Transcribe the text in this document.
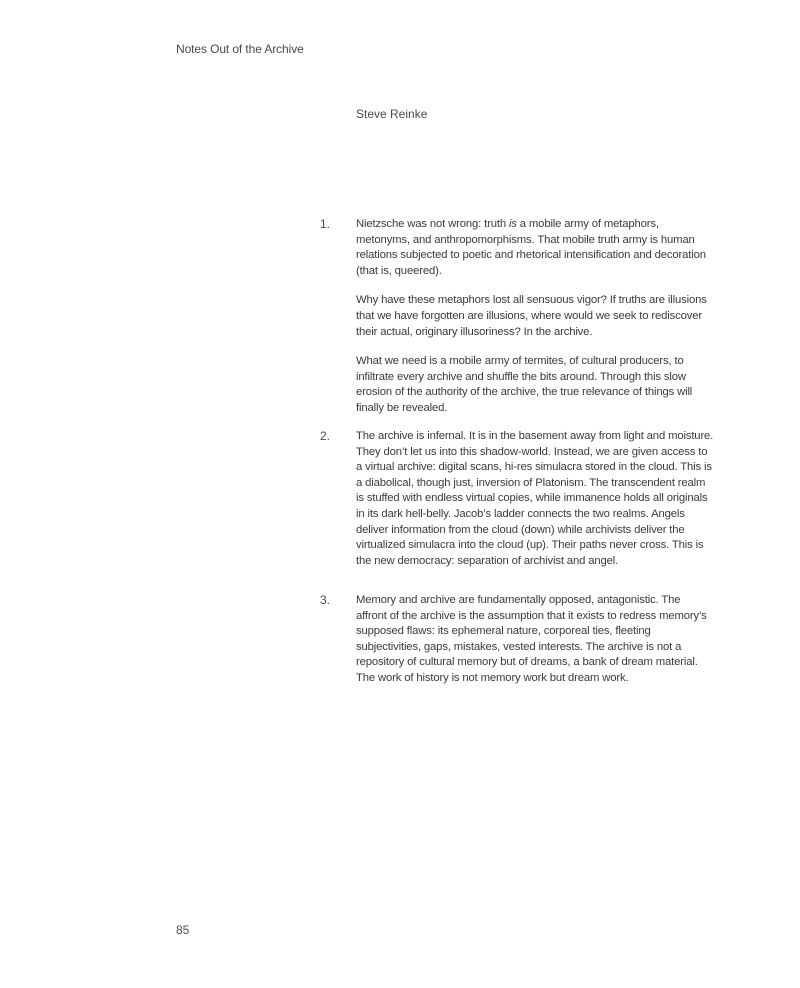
Notes Out of the Archive
Steve Reinke
1. Nietzsche was not wrong: truth is a mobile army of metaphors, metonyms, and anthropomorphisms. That mobile truth army is human relations subjected to poetic and rhetorical intensification and decoration (that is, queered).

Why have these metaphors lost all sensuous vigor? If truths are illusions that we have forgotten are illusions, where would we seek to rediscover their actual, originary illusoriness? In the archive.

What we need is a mobile army of termites, of cultural producers, to infiltrate every archive and shuffle the bits around. Through this slow erosion of the authority of the archive, the true relevance of things will finally be revealed.

2. The archive is infernal. It is in the basement away from light and moisture. They don’t let us into this shadow-world. Instead, we are given access to a virtual archive: digital scans, hi-res simulacra stored in the cloud. This is a diabolical, though just, inversion of Platonism. The transcendent realm is stuffed with endless virtual copies, while immanence holds all originals in its dark hell-belly. Jacob’s ladder connects the two realms. Angels deliver information from the cloud (down) while archivists deliver the virtualized simulacra into the cloud (up). Their paths never cross. This is the new democracy: separation of archivist and angel.

3. Memory and archive are fundamentally opposed, antagonistic. The affront of the archive is the assumption that it exists to redress memory’s supposed flaws: its ephemeral nature, corporeal ties, fleeting subjectivities, gaps, mistakes, vested interests. The archive is not a repository of cultural memory but of dreams, a bank of dream material. The work of history is not memory work but dream work.

85
